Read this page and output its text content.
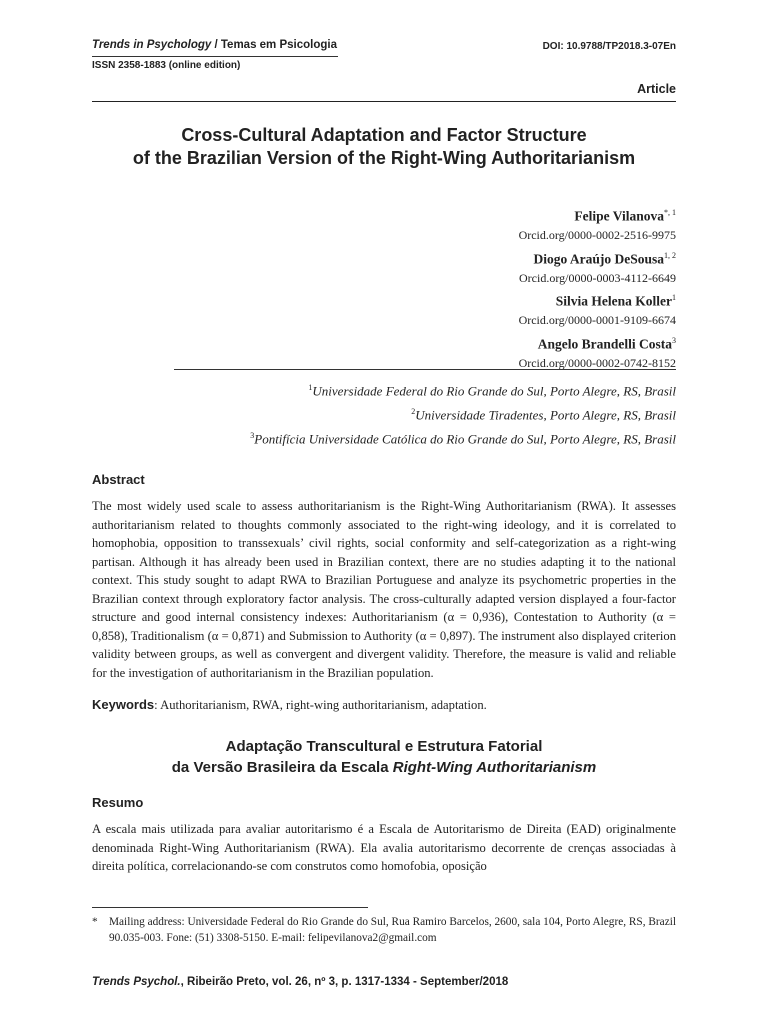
Trends in Psychology / Temas em Psicologia
ISSN 2358-1883 (online edition)
DOI: 10.9788/TP2018.3-07En
Article
Cross-Cultural Adaptation and Factor Structure
of the Brazilian Version of the Right-Wing Authoritarianism
Felipe Vilanova$^{*, 1}$
Orcid.org/0000-0002-2516-9975
Diogo Araújo DeSousa$^{1, 2}$
Orcid.org/0000-0003-4112-6649
Silvia Helena Koller$^1$
Orcid.org/0000-0001-9109-6674
Angelo Brandelli Costa$^3$
Orcid.org/0000-0002-0742-8152
$^1$Universidade Federal do Rio Grande do Sul, Porto Alegre, RS, Brasil
$^2$Universidade Tiradentes, Porto Alegre, RS, Brasil
$^3$Pontifícia Universidade Católica do Rio Grande do Sul, Porto Alegre, RS, Brasil
Abstract
The most widely used scale to assess authoritarianism is the Right-Wing Authoritarianism (RWA). It assesses authoritarianism related to thoughts commonly associated to the right-wing ideology, and it is correlated to homophobia, opposition to transsexuals’ civil rights, social conformity and self-categorization as a right-wing partisan. Although it has already been used in Brazilian context, there are no studies adapting it to the national context. This study sought to adapt RWA to Brazilian Portuguese and analyze its psychometric properties in the Brazilian context through exploratory factor analysis. The cross-culturally adapted version displayed a four-factor structure and good internal consistency indexes: Authoritarianism (α = 0,936), Contestation to Authority (α = 0,858), Traditionalism (α = 0,871) and Submission to Authority (α = 0,897). The instrument also displayed criterion validity between groups, as well as convergent and divergent validity. Therefore, the measure is valid and reliable for the investigation of authoritarianism in the Brazilian population.
Keywords: Authoritarianism, RWA, right-wing authoritarianism, adaptation.
Adaptação Transcultural e Estrutura Fatorial
da Versão Brasileira da Escala Right-Wing Authoritarianism
Resumo
A escala mais utilizada para avaliar autoritarismo é a Escala de Autoritarismo de Direita (EAD) originalmente denominada Right-Wing Authoritarianism (RWA). Ela avalia autoritarismo decorrente de crenças associadas à direita política, correlacionando-se com construtos como homofobia, oposição
*	Mailing address: Universidade Federal do Rio Grande do Sul, Rua Ramiro Barcelos, 2600, sala 104, Porto Alegre, RS, Brazil 90.035-003. Fone: (51) 3308-5150. E-mail: felipevilanova2@gmail.com
Trends Psychol., Ribeirão Preto, vol. 26, nº 3, p. 1317-1334 - September/2018
